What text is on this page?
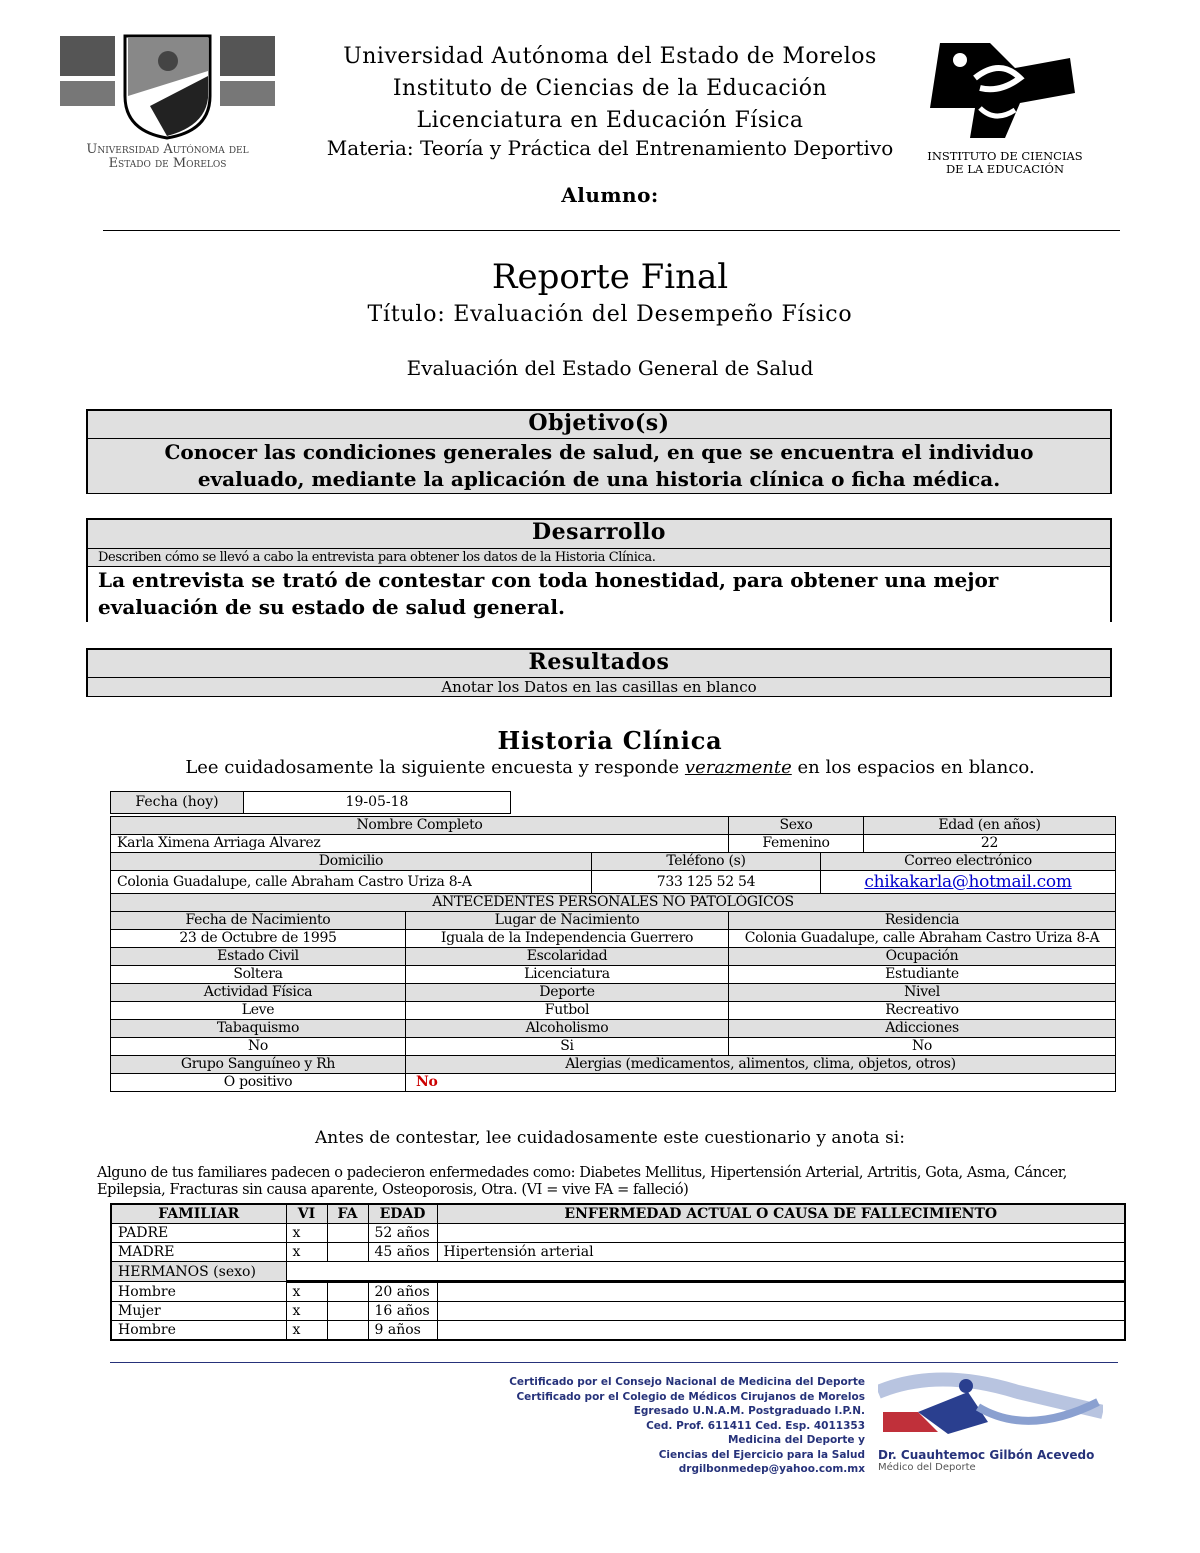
Universidad Autónoma del
Estado de Morelos
Universidad Autónoma del Estado de Morelos
Instituto de Ciencias de la Educación
Licenciatura en Educación Física
Materia: Teoría y Práctica del Entrenamiento Deportivo
Alumno:
INSTITUTO DE CIENCIAS
DE LA EDUCACIÓN
Reporte Final
Título: Evaluación del Desempeño Físico
Evaluación del Estado General de Salud
Objetivo(s)
Conocer las condiciones generales de salud, en que se encuentra el individuo evaluado, mediante la aplicación de una historia clínica o ficha médica.
Desarrollo
Describen cómo se llevó a cabo la entrevista para obtener los datos de la Historia Clínica.
La entrevista se trató de contestar con toda honestidad, para obtener una mejor evaluación de su estado de salud general.
Resultados
Anotar los Datos en las casillas en blanco
Historia Clínica
Lee cuidadosamente la siguiente encuesta y responde verazmente en los espacios en blanco.
Fecha (hoy)	19-05-18
Nombre Completo			Sexo		Edad (en años)
Karla Ximena Arriaga Alvarez			Femenino		22
Domicilio		Teléfono (s)		Correo electrónico	
Colonia Guadalupe, calle Abraham Castro Uriza 8-A		733 125 52 54		chikakarla@hotmail.com	
ANTECEDENTES PERSONALES NO PATOLÓGICOS					
Fecha de Nacimiento	Lugar de Nacimiento		Residencia		
23 de Octubre de 1995	Iguala de la Independencia Guerrero		Colonia Guadalupe, calle Abraham Castro Uriza 8-A		
Estado Civil	Escolaridad		Ocupación		
Soltera	Licenciatura		Estudiante		
Actividad Física	Deporte		Nivel		
Leve	Futbol		Recreativo		
Tabaquismo	Alcoholismo		Adicciones		
No	Si		No		
Grupo Sanguíneo y Rh	Alergias (medicamentos, alimentos, clima, objetos, otros)				
O positivo	No				
Antes de contestar, lee cuidadosamente este cuestionario y anota si:
Alguno de tus familiares padecen o padecieron enfermedades como: Diabetes Mellitus, Hipertensión Arterial, Artritis, Gota, Asma, Cáncer,
Epilepsia, Fracturas sin causa aparente, Osteoporosis, Otra. (VI = vive FA = falleció)
FAMILIAR	VI	FA	EDAD	ENFERMEDAD ACTUAL O CAUSA DE FALLECIMIENTO
PADRE	x		52 años	
MADRE	x		45 años	Hipertensión arterial
HERMANOS (sexo)				
Hombre	x		20 años	
Mujer	x		16 años	
Hombre	x		9 años	
Certificado por el Consejo Nacional de Medicina del Deporte
Certificado por el Colegio de Médicos Cirujanos de Morelos
Egresado U.N.A.M. Postgraduado I.P.N.
Ced. Prof. 611411 Ced. Esp. 4011353
Medicina del Deporte y
Ciencias del Ejercicio para la Salud
drgilbonmedep@yahoo.com.mx
Dr. Cuauhtemoc Gilbón Acevedo
Médico del Deporte
